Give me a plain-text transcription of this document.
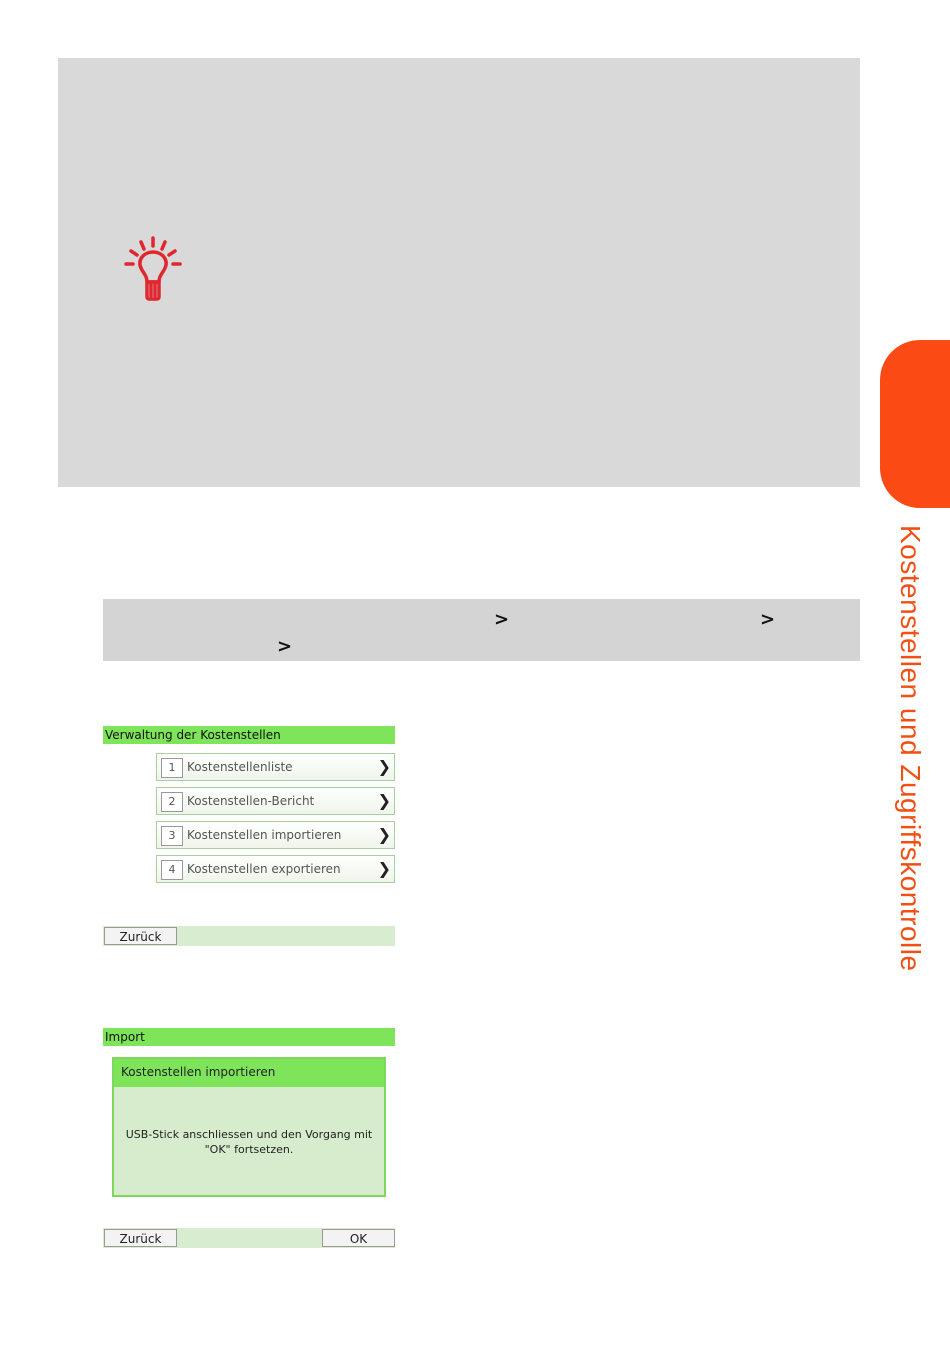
>	>
>	Kostenstellen und Zugriffskontrolle
Verwaltung der Kostenstellen
1 Kostenstellenliste	❯
2 Kostenstellen-Bericht	❯
3 Kostenstellen importieren ❯
4 Kostenstellen exportieren ❯
Zurück
Import
Kostenstellen importieren
USB-Stick anschliessen und den Vorgang mit
"OK" fortsetzen.
Zurück	OK
